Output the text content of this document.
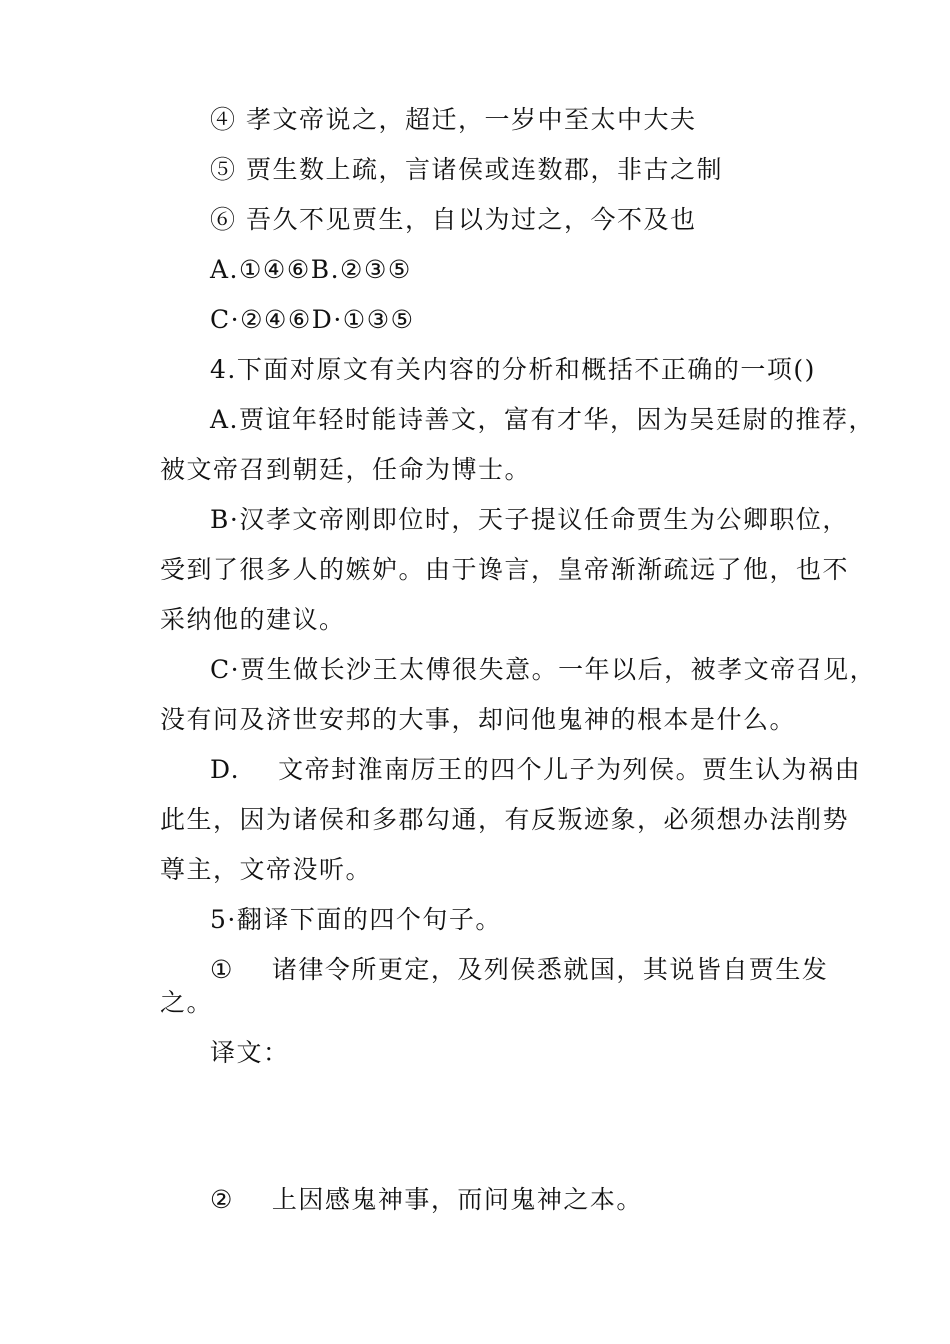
④ 孝文帝说之，超迁，一岁中至太中大夫
⑤ 贾生数上疏，言诸侯或连数郡，非古之制
⑥ 吾久不见贾生，自以为过之，今不及也
A.①④⑥B.②③⑤
C·②④⑥D·①③⑤
4.下面对原文有关内容的分析和概括不正确的一项()
A.贾谊年轻时能诗善文，富有才华，因为吴廷尉的推荐，
被文帝召到朝廷，任命为博士。
B·汉孝文帝刚即位时，天子提议任命贾生为公卿职位，
受到了很多人的嫉妒。由于谗言，皇帝渐渐疏远了他，也不
采纳他的建议。
C·贾生做长沙王太傅很失意。一年以后，被孝文帝召见，
没有问及济世安邦的大事，却问他鬼神的根本是什么。
D. 文帝封淮南厉王的四个儿子为列侯。贾生认为祸由
此生，因为诸侯和多郡勾通，有反叛迹象，必须想办法削势
尊主，文帝没听。
5·翻译下面的四个句子。
① 诸律令所更定，及列侯悉就国，其说皆自贾生发
之。
译文：
② 上因感鬼神事，而问鬼神之本。
